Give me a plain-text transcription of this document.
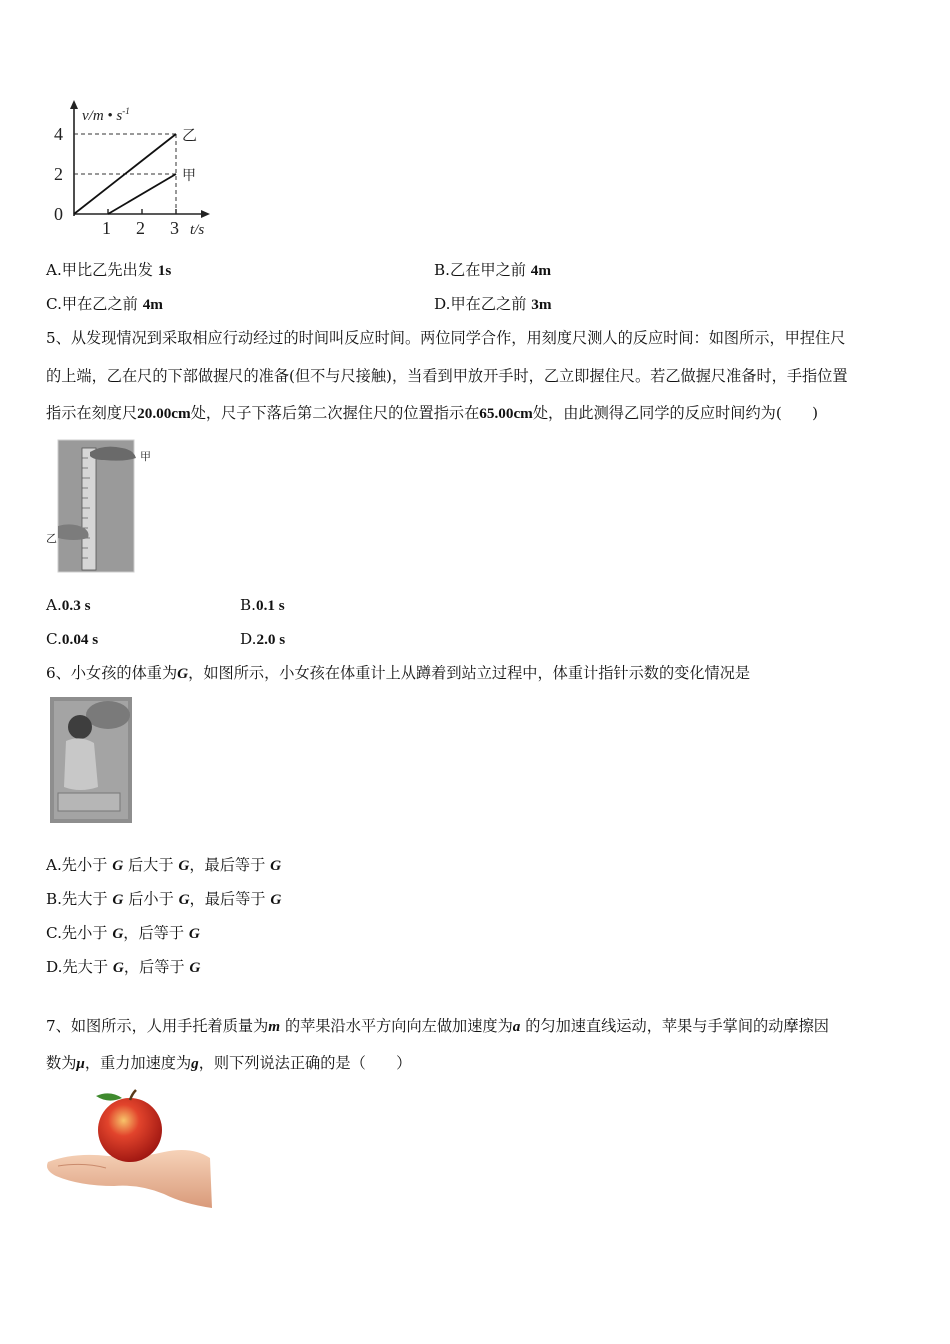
v/m • $s^{-1}$
4
2
0
1 2 3 t/s
乙
甲
A.甲比乙先出发 1s	B.乙在甲之前 4m
C.甲在乙之前 4m	D.甲在乙之前 3m
5、从发现情况到采取相应行动经过的时间叫反应时间。两位同学合作，用刻度尺测人的反应时间：如图所示，甲捏住尺
的上端，乙在尺的下部做握尺的准备(但不与尺接触)，当看到甲放开手时，乙立即握住尺。若乙做握尺准备时，手指位置
指示在刻度尺20.00cm处，尺子下落后第二次握住尺的位置指示在65.00cm处，由此测得乙同学的反应时间约为(　　)
甲
乙
A.0.3 s	B.0.1 s
C.0.04 s	D.2.0 s
6、小女孩的体重为G，如图所示，小女孩在体重计上从蹲着到站立过程中，体重计指针示数的变化情况是
A.先小于 G 后大于 G，最后等于 G
B.先大于 G 后小于 G，最后等于 G
C.先小于 G，后等于 G
D.先大于 G，后等于 G
7、如图所示，人用手托着质量为m 的苹果沿水平方向向左做加速度为a 的匀加速直线运动，苹果与手掌间的动摩擦因
数为μ，重力加速度为g，则下列说法正确的是（　　）
